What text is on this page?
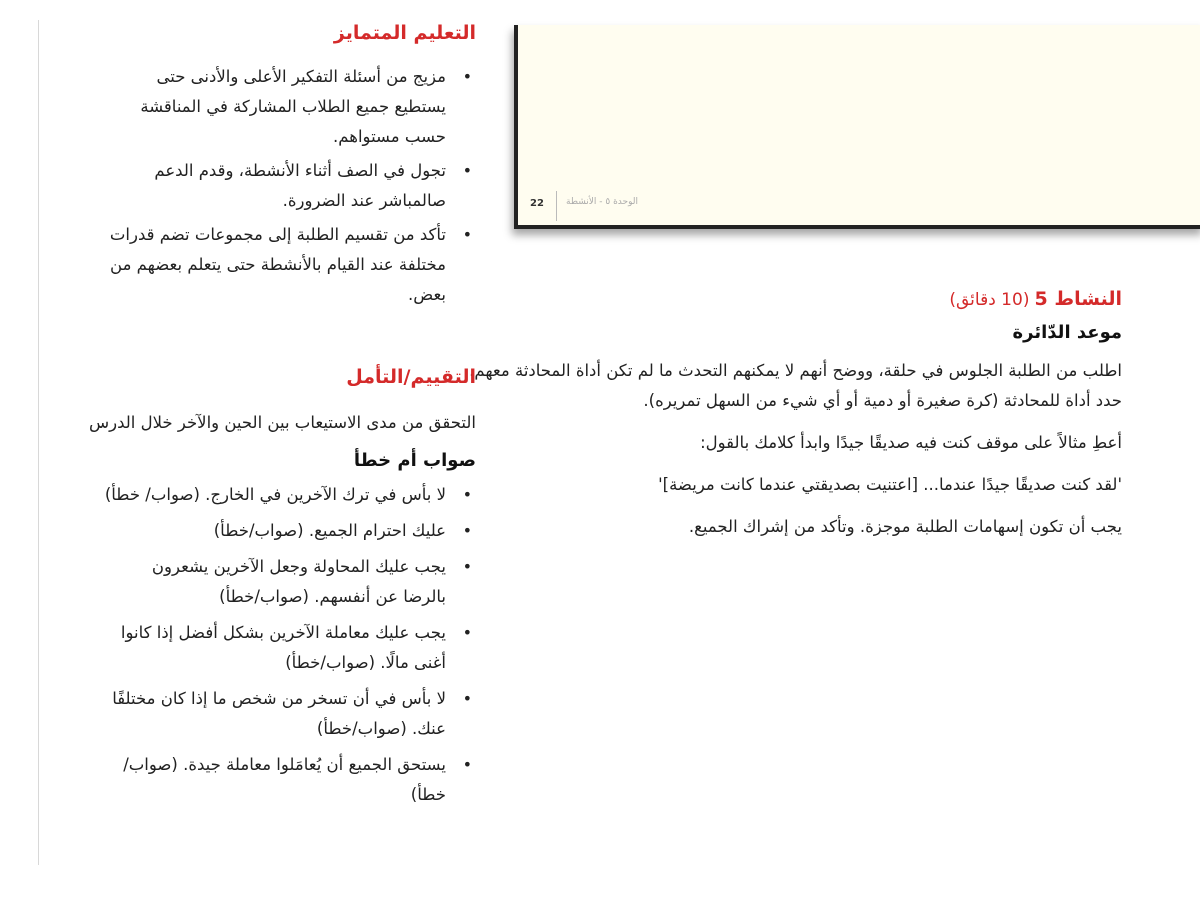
22 الوحدة ٥ - الأنشطة
التعليم المتمايز
• مزيج من أسئلة التفكير الأعلى والأدنى حتى يستطيع جميع الطلاب المشاركة في المناقشة حسب مستواهم.
• تجول في الصف أثناء الأنشطة، وقدم الدعم صالمباشر عند الضرورة.
• تأكد من تقسيم الطلبة إلى مجموعات تضم قدرات مختلفة عند القيام بالأنشطة حتى يتعلم بعضهم من بعض.	النشاط 5 (10 دقائق)
موعد الدّائرة
اطلب من الطلبة الجلوس في حلقة، ووضح أنهم لا يمكنهم التحدث ما لم تكن أداة المحادثة معهم.
حدد أداة للمحادثة (كرة صغيرة أو دمية أو أي شيء من السهل تمريره).
أعطِ مثالاً على موقف كنت فيه صديقًا جيدًا وابدأ كلامك بالقول:
'لقد كنت صديقًا جيدًا عندما... [اعتنيت بصديقتي عندما كانت مريضة]'
يجب أن تكون إسهامات الطلبة موجزة. وتأكد من إشراك الجميع.
التقييم/التأمل
التحقق من مدى الاستيعاب بين الحين والآخر خلال الدرس
صواب أم خطأ
• لا بأس في ترك الآخرين في الخارج. (صواب/ خطأ)
• عليك احترام الجميع. (صواب/خطأ)
• يجب عليك المحاولة وجعل الآخرين يشعرون بالرضا عن أنفسهم. (صواب/خطأ)
• يجب عليك معاملة الآخرين بشكل أفضل إذا كانوا أغنى مالًا. (صواب/خطأ)
• لا بأس في أن تسخر من شخص ما إذا كان مختلفًا عنك. (صواب/خطأ)
• يستحق الجميع أن يُعامَلوا معاملة جيدة. (صواب/خطأ)
